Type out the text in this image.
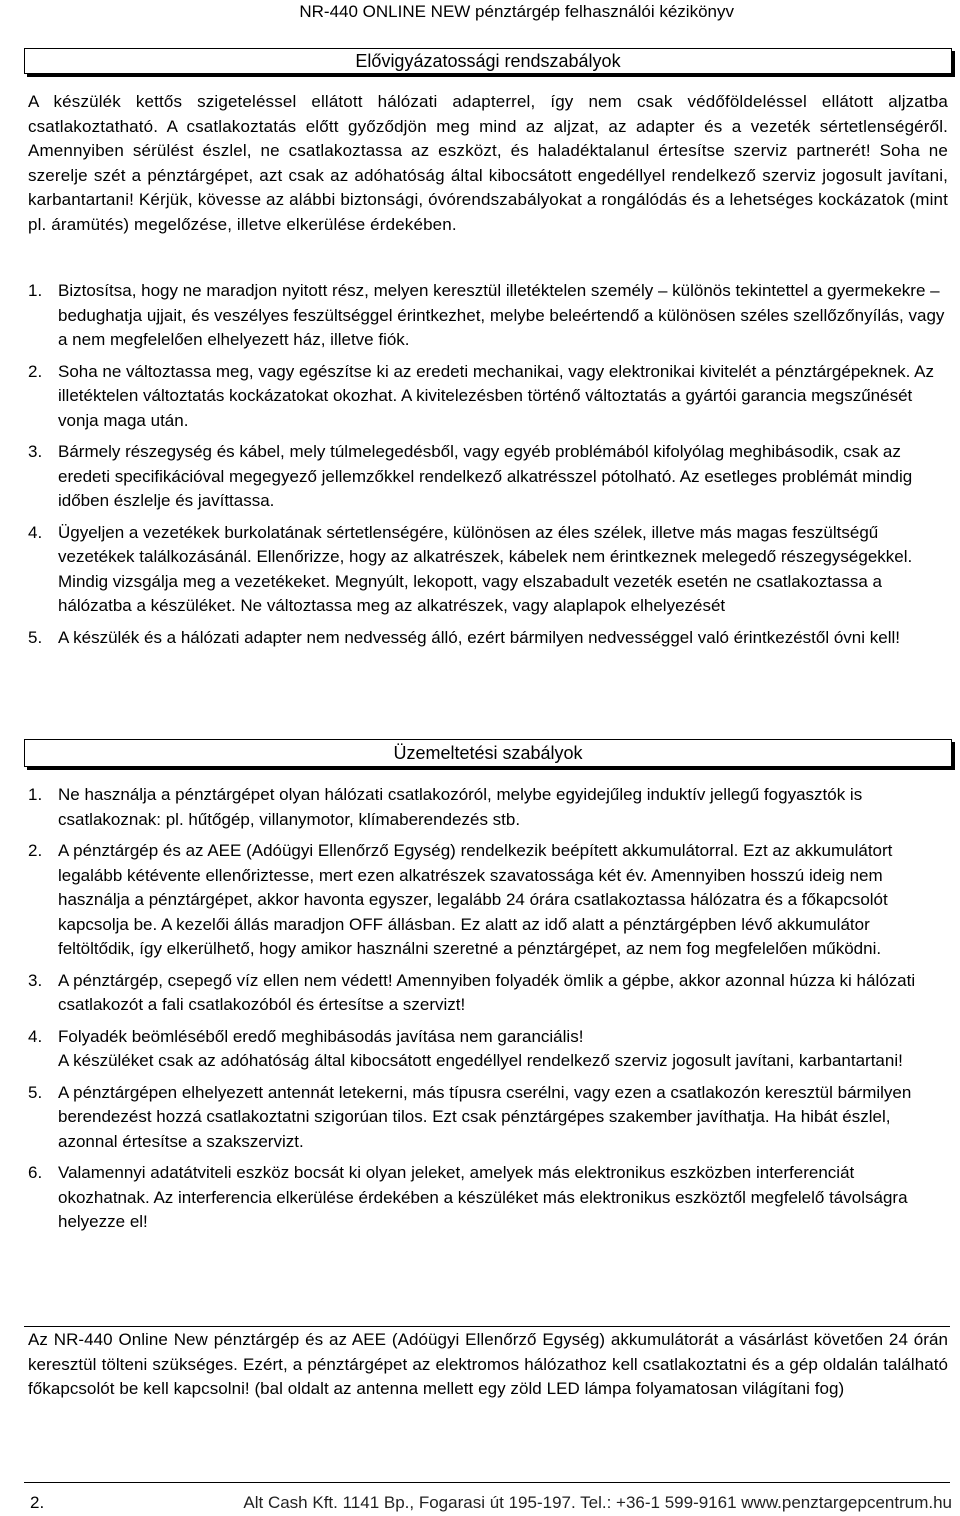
NR-440 ONLINE NEW pénztárgép felhasználói kézikönyv
Elővigyázatossági rendszabályok
A készülék kettős szigeteléssel ellátott hálózati adapterrel, így nem csak védőföldeléssel ellátott aljzatba csatlakoztatható. A csatlakoztatás előtt győződjön meg mind az aljzat, az adapter és a vezeték sértetlenségéről. Amennyiben sérülést észlel, ne csatlakoztassa az eszközt, és haladéktalanul értesítse szerviz partnerét! Soha ne szerelje szét a pénztárgépet, azt csak az adóhatóság által kibocsátott engedéllyel rendelkező szerviz jogosult javítani, karbantartani! Kérjük, kövesse az alábbi biztonsági, óvórendszabályokat a rongálódás és a lehetséges kockázatok (mint pl. áramütés) megelőzése, illetve elkerülése érdekében.
1. Biztosítsa, hogy ne maradjon nyitott rész, melyen keresztül illetéktelen személy – különös tekintettel a gyermekekre – bedughatja ujjait, és veszélyes feszültséggel érintkezhet, melybe beleértendő a különösen széles szellőzőnyílás, vagy a nem megfelelően elhelyezett ház, illetve fiók.
2. Soha ne változtassa meg, vagy egészítse ki az eredeti mechanikai, vagy elektronikai kivitelét a pénztárgépeknek. Az illetéktelen változtatás kockázatokat okozhat. A kivitelezésben történő változtatás a gyártói garancia megszűnését vonja maga után.
3. Bármely részegység és kábel, mely túlmelegedésből, vagy egyéb problémából kifolyólag meghibásodik, csak az eredeti specifikációval megegyező jellemzőkkel rendelkező alkatrésszel pótolható. Az esetleges problémát mindig időben észlelje és javíttassa.
4. Ügyeljen a vezetékek burkolatának sértetlenségére, különösen az éles szélek, illetve más magas feszültségű vezetékek találkozásánál. Ellenőrizze, hogy az alkatrészek, kábelek nem érintkeznek melegedő részegységekkel. Mindig vizsgálja meg a vezetékeket. Megnyúlt, lekopott, vagy elszabadult vezeték esetén ne csatlakoztassa a hálózatba a készüléket. Ne változtassa meg az alkatrészek, vagy alaplapok elhelyezését
5. A készülék és a hálózati adapter nem nedvesség álló, ezért bármilyen nedvességgel való érintkezéstől óvni kell!
Üzemeltetési szabályok
1. Ne használja a pénztárgépet olyan hálózati csatlakozóról, melybe egyidejűleg induktív jellegű fogyasztók is csatlakoznak: pl. hűtőgép, villanymotor, klímaberendezés stb.
2. A pénztárgép és az AEE (Adóügyi Ellenőrző Egység) rendelkezik beépített akkumulátorral. Ezt az akkumulátort legalább kétévente ellenőriztesse, mert ezen alkatrészek szavatossága két év. Amennyiben hosszú ideig nem használja a pénztárgépet, akkor havonta egyszer, legalább 24 órára csatlakoztassa hálózatra és a főkapcsolót kapcsolja be. A kezelői állás maradjon OFF állásban. Ez alatt az idő alatt a pénztárgépben lévő akkumulátor feltöltődik, így elkerülhető, hogy amikor használni szeretné a pénztárgépet, az nem fog megfelelően működni.
3. A pénztárgép, csepegő víz ellen nem védett! Amennyiben folyadék ömlik a gépbe, akkor azonnal húzza ki hálózati csatlakozót a fali csatlakozóból és értesítse a szervizt!
4. Folyadék beömléséből eredő meghibásodás javítása nem garanciális!
A készüléket csak az adóhatóság által kibocsátott engedéllyel rendelkező szerviz jogosult javítani, karbantartani!
5. A pénztárgépen elhelyezett antennát letekerni, más típusra cserélni, vagy ezen a csatlakozón keresztül bármilyen berendezést hozzá csatlakoztatni szigorúan tilos. Ezt csak pénztárgépes szakember javíthatja. Ha hibát észlel, azonnal értesítse a szakszervizt.
6. Valamennyi adatátviteli eszköz bocsát ki olyan jeleket, amelyek más elektronikus eszközben interferenciát okozhatnak. Az interferencia elkerülése érdekében a készüléket más elektronikus eszköztől megfelelő távolságra helyezze el!
Az NR-440 Online New pénztárgép és az AEE (Adóügyi Ellenőrző Egység) akkumulátorát a vásárlást követően 24 órán keresztül tölteni szükséges. Ezért, a pénztárgépet az elektromos hálózathoz kell csatlakoztatni és a gép oldalán található főkapcsolót be kell kapcsolni! (bal oldalt az antenna mellett egy zöld LED lámpa folyamatosan világítani fog)
2.	Alt Cash Kft. 1141 Bp., Fogarasi út 195-197. Tel.: +36-1 599-9161 www.penztargepcentrum.hu
